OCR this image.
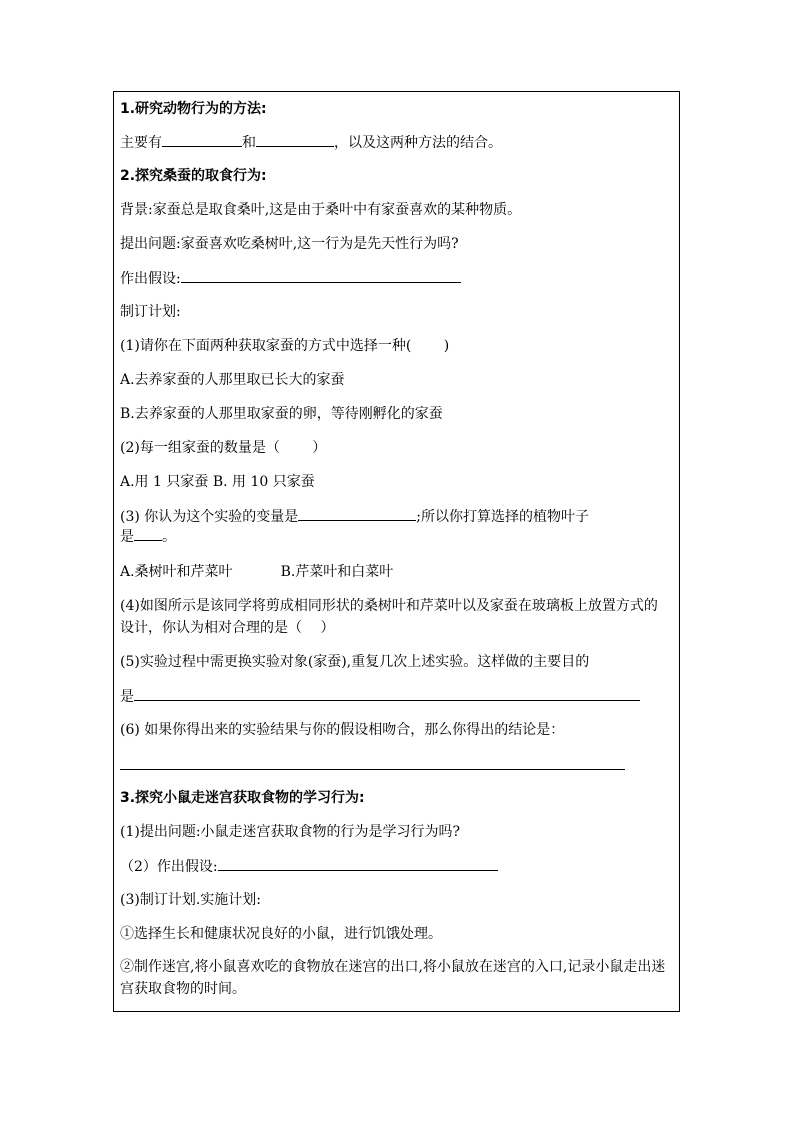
1.研究动物行为的方法:
主要有	和	，以及这两种方法的结合。
2.探究桑蚕的取食行为:
背景:家蚕总是取食桑叶,这是由于桑叶中有家蚕喜欢的某种物质。
提出问题:家蚕喜欢吃桑树叶,这一行为是先天性行为吗?
作出假设:
制订计划:
(1)请你在下面两种获取家蚕的方式中选择一种(　　 )
A.去养家蚕的人那里取已长大的家蚕
B.去养家蚕的人那里取家蚕的卵，等待刚孵化的家蚕
(2)每一组家蚕的数量是（　　 ）
A.用 1 只家蚕 B. 用 10 只家蚕
(3) 你认为这个实验的变量是	;所以你打算选择的植物叶子
是 。
A.桑树叶和芹菜叶	B.芹菜叶和白菜叶
(4)如图所示是该同学将剪成相同形状的桑树叶和芹菜叶以及家蚕在玻璃板上放置方式的设计，你认为相对合理的是（　 ）
(5)实验过程中需更换实验对象(家蚕),重复几次上述实验。这样做的主要目的
是
(6) 如果你得出来的实验结果与你的假设相吻合，那么你得出的结论是：
3.探究小鼠走迷宫获取食物的学习行为:
(1)提出问题:小鼠走迷宫获取食物的行为是学习行为吗?
（2）作出假设:
(3)制订计划.实施计划:
①选择生长和健康状况良好的小鼠，进行饥饿处理。
②制作迷宫,将小鼠喜欢吃的食物放在迷宫的出口,将小鼠放在迷宫的入口,记录小鼠走出迷宫获取食物的时间。
